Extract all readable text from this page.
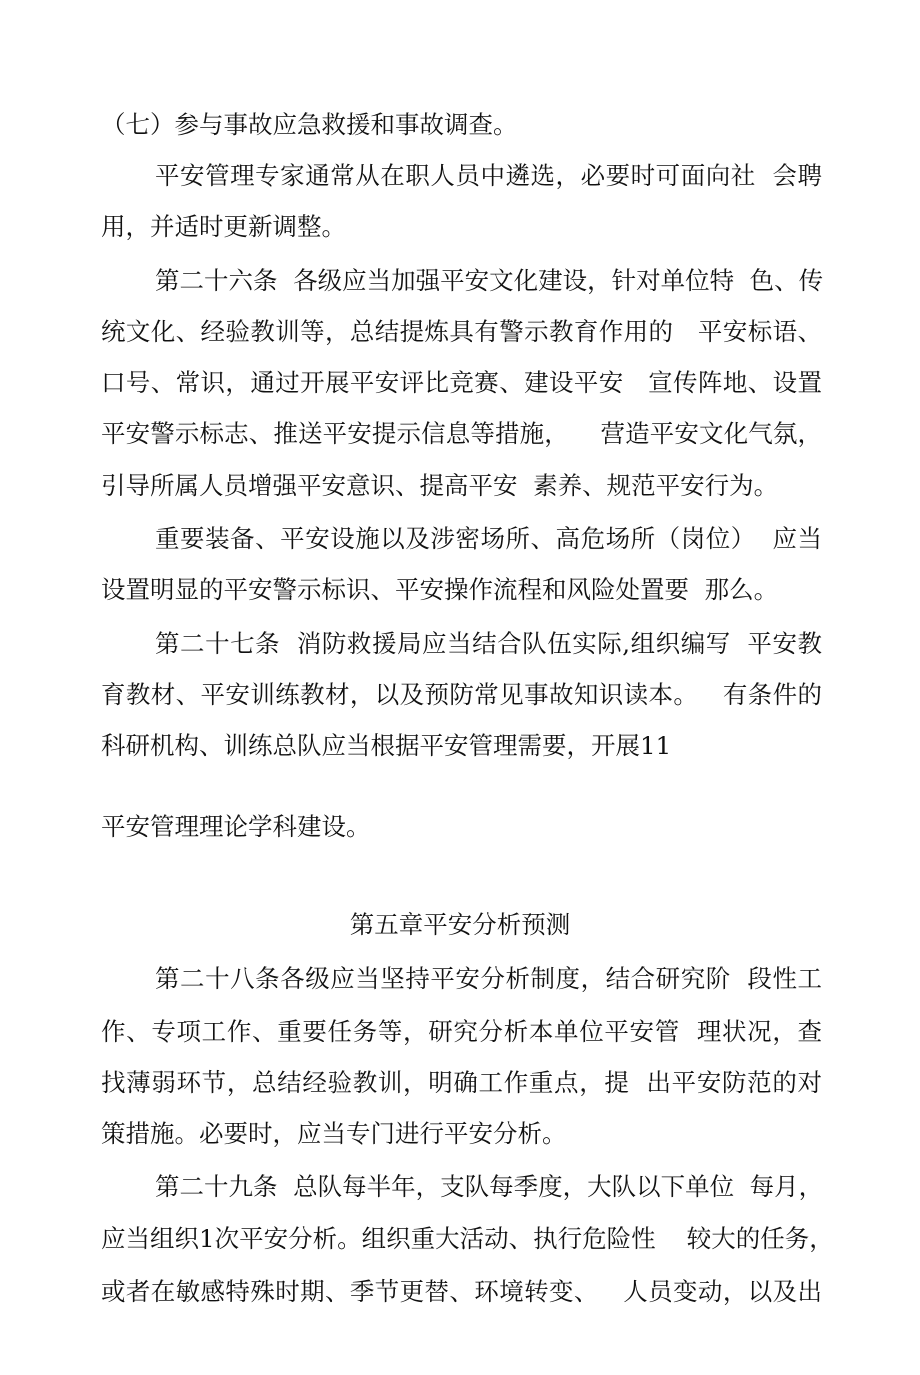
（七）参与事故应急救援和事故调查。
平安管理专家通常从在职人员中遴选，必要时可面向社  会聘
用，并适时更新调整。
第二十六条  各级应当加强平安文化建设，针对单位特  色、传
统文化、经验教训等，总结提炼具有警示教育作用的   平安标语、
口号、常识，通过开展平安评比竞赛、建设平安   宣传阵地、设置
平安警示标志、推送平安提示信息等措施，    营造平安文化气氛，
引导所属人员增强平安意识、提高平安  素养、规范平安行为。
重要装备、平安设施以及涉密场所、高危场所（岗位）  应当
设置明显的平安警示标识、平安操作流程和风险处置要  那么。
第二十七条  消防救援局应当结合队伍实际,组织编写  平安教
育教材、平安训练教材，以及预防常见事故知识读本。   有条件的
科研机构、训练总队应当根据平安管理需要，开展11
平安管理理论学科建设。
第五章平安分析预测
第二十八条各级应当坚持平安分析制度，结合研究阶  段性工
作、专项工作、重要任务等，研究分析本单位平安管  理状况，查
找薄弱环节，总结经验教训，明确工作重点，提  出平安防范的对
策措施。必要时，应当专门进行平安分析。
第二十九条  总队每半年，支队每季度，大队以下单位  每月，
应当组织1次平安分析。组织重大活动、执行危险性    较大的任务，
或者在敏感特殊时期、季节更替、环境转变、   人员变动，以及出
